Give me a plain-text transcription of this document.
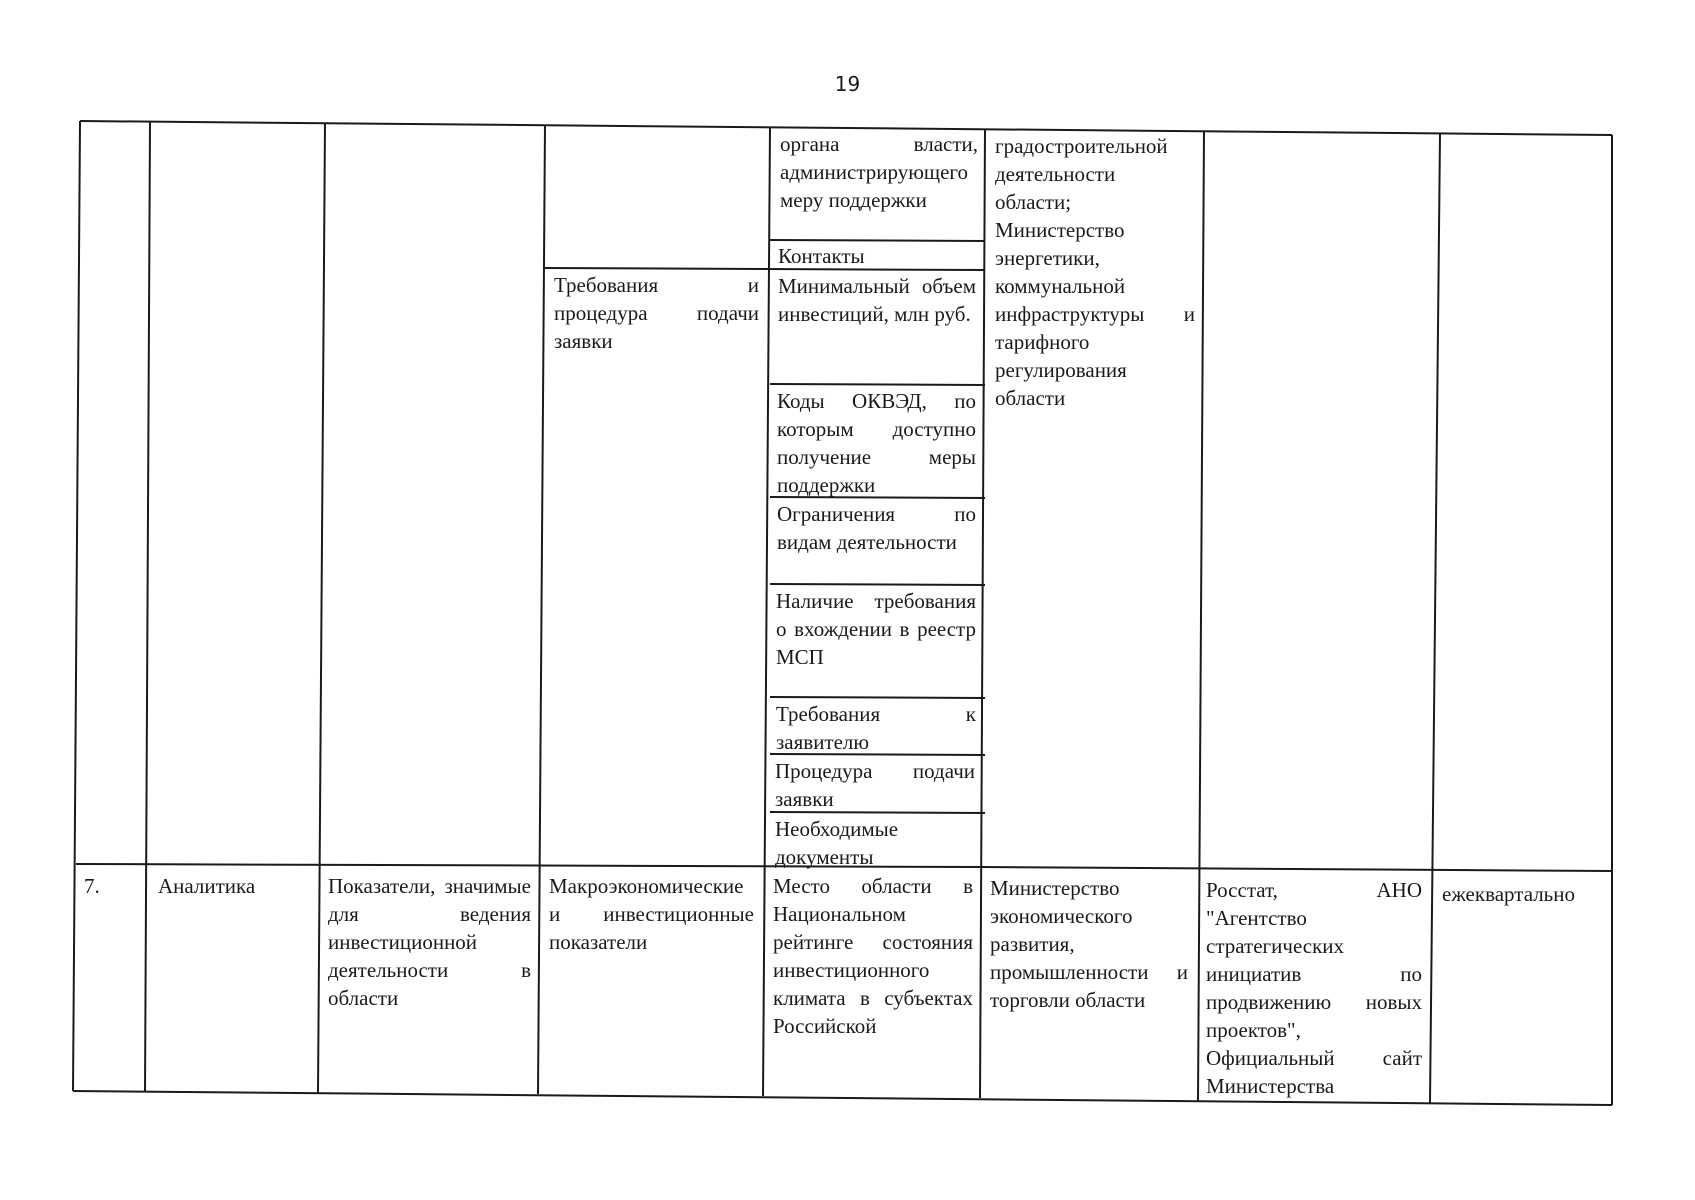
19
органа власти, администрирующего меру поддержки
Контакты
Требования и процедура подачи заявки
Минимальный объем инвестиций, млн руб.
Коды ОКВЭД, по которым доступно получение меры поддержки
Ограничения по видам деятельности
Наличие требования о вхождении в реестр МСП
Требования к заявителю
Процедура подачи заявки
Необходимые документы
градостроительной деятельности области; Министерство энергетики, коммунальной инфраструктуры и тарифного регулирования области
7.	Аналитика	Показатели, значимые для ведения инвестиционной деятельности в области
Макроэкономические и инвестиционные показатели
Место области в Национальном рейтинге состояния инвестиционного климата в субъектах Российской
Министерство экономического развития, промышленности и торговли области
Росстат, АНО "Агентство стратегических инициатив по продвижению новых проектов", Официальный сайт Министерства
ежеквартально
